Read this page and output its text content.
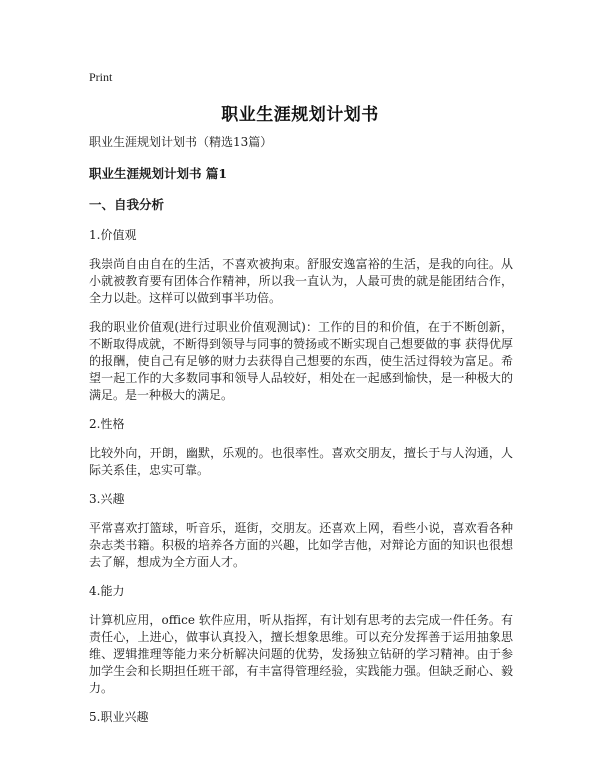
Print
职业生涯规划计划书

职业生涯规划计划书（精选13篇）

职业生涯规划计划书 篇1

一、自我分析

1.价值观

我崇尚自由自在的生活，不喜欢被拘束。舒服安逸富裕的生活，是我的向往。从小就被教育要有团体合作精神，所以我一直认为，人最可贵的就是能团结合作，全力以赴。这样可以做到事半功倍。

我的职业价值观(进行过职业价值观测试)：工作的目的和价值，在于不断创新，不断取得成就，不断得到领导与同事的赞扬或不断实现自己想要做的事 获得优厚的报酬，使自己有足够的财力去获得自己想要的东西，使生活过得较为富足。希望一起工作的大多数同事和领导人品较好，相处在一起感到愉快，是一种极大的满足。是一种极大的满足。

2.性格

比较外向，开朗，幽默，乐观的。也很率性。喜欢交朋友，擅长于与人沟通，人际关系佳，忠实可靠。

3.兴趣

平常喜欢打篮球，听音乐，逛街，交朋友。还喜欢上网，看些小说，喜欢看各种杂志类书籍。积极的培养各方面的兴趣，比如学吉他，对辩论方面的知识也很想去了解，想成为全方面人才。

4.能力

计算机应用，office 软件应用，听从指挥，有计划有思考的去完成一件任务。有责任心，上进心，做事认真投入，擅长想象思维。可以充分发挥善于运用抽象思维、逻辑推理等能力来分析解决问题的优势，发扬独立钻研的学习精神。由于参加学生会和长期担任班干部，有丰富得管理经验，实践能力强。但缺乏耐心、毅力。

5.职业兴趣
